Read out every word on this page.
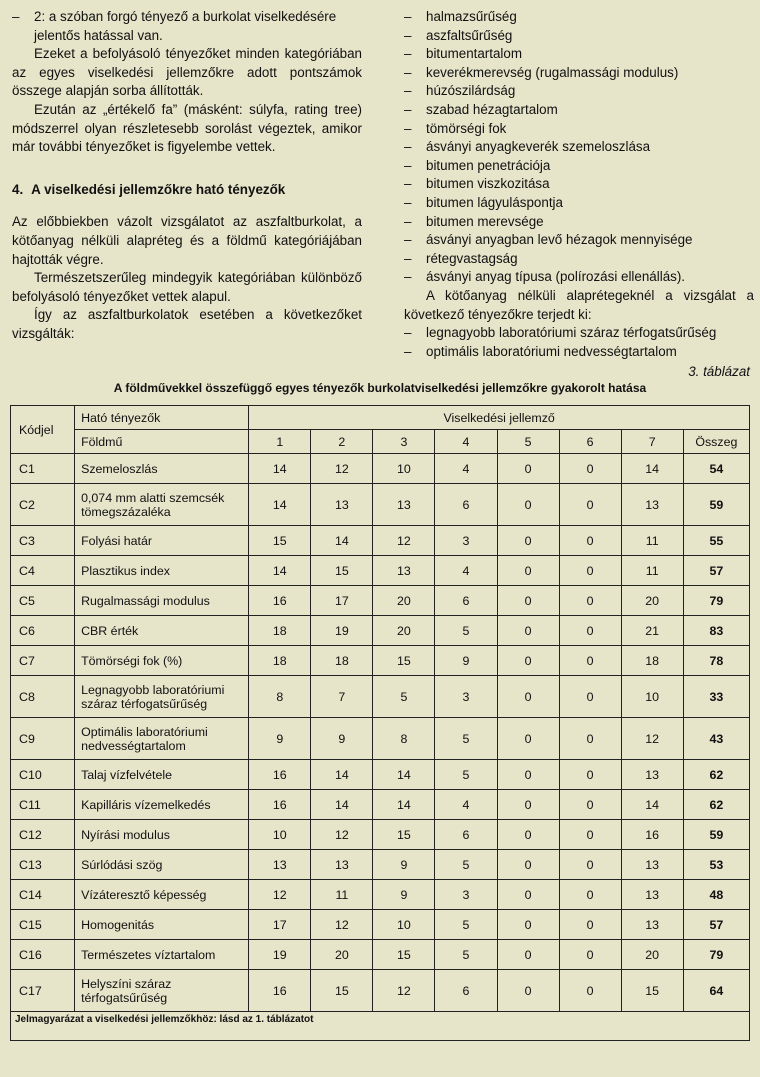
– 2: a szóban forgó tényező a burkolat viselkedésére jelentős hatással van.

Ezeket a befolyásoló tényezőket minden kategóriában az egyes viselkedési jellemzőkre adott pontszámok összege alapján sorba állították.

Ezután az „értékelő fa” (másként: súlyfa, rating tree) módszerrel olyan részletesebb sorolást végeztek, amikor már további tényezőket is figyelembe vettek.

4. A viselkedési jellemzőkre ható tényezők

Az előbbiekben vázolt vizsgálatot az aszfaltburkolat, a kötőanyag nélküli alapréteg és a földmű kategóriájában hajtották végre.

Természetszerűleg mindegyik kategóriában különböző befolyásoló tényezőket vettek alapul.

Így az aszfaltburkolatok esetében a következőket vizsgálták:

– halmazsűrűség

– aszfaltsűrűség

– bitumentartalom

– keverékmerevség (rugalmassági modulus)

– húzószilárdság

– szabad hézagtartalom

– tömörségi fok

– ásványi anyagkeverék szemeloszlása

– bitumen penetrációja

– bitumen viszkozitása

– bitumen lágyuláspontja

– bitumen merevsége

– ásványi anyagban levő hézagok mennyisége

– rétegvastagság

– ásványi anyag típusa (polírozási ellenállás).

A kötőanyag nélküli alaprétegeknél a vizsgálat a következő tényezőkre terjedt ki:

– legnagyobb laboratóriumi száraz térfogatsűrűség

– optimális laboratóriumi nedvességtartalom

3. táblázat
A földművekkel összefüggő egyes tényezők burkolatviselkedési jellemzőkre gyakorolt hatása
Kódjel	Ható tényezők	Viselkedési jellemző							
	Földmű	1	2	3	4	5	6	7	Összeg
C1	Szemeloszlás	14	12	10	4	0	0	14	54
C2	0,074 mm alatti szemcsék tömegszázaléka	14	13	13	6	0	0	13	59
C3	Folyási határ	15	14	12	3	0	0	11	55
C4	Plasztikus index	14	15	13	4	0	0	11	57
C5	Rugalmassági modulus	16	17	20	6	0	0	20	79
C6	CBR érték	18	19	20	5	0	0	21	83
C7	Tömörségi fok (%)	18	18	15	9	0	0	18	78
C8	Legnagyobb laboratóriumi száraz térfogatsűrűség	8	7	5	3	0	0	10	33
C9	Optimális laboratóriumi nedvességtartalom	9	9	8	5	0	0	12	43
C10	Talaj vízfelvétele	16	14	14	5	0	0	13	62
C11	Kapilláris vízemelkedés	16	14	14	4	0	0	14	62
C12	Nyírási modulus	10	12	15	6	0	0	16	59
C13	Súrlódási szög	13	13	9	5	0	0	13	53
C14	Vízáteresztő képesség	12	11	9	3	0	0	13	48
C15	Homogenitás	17	12	10	5	0	0	13	57
C16	Természetes víztartalom	19	20	15	5	0	0	20	79
C17	Helyszíni száraz térfogatsűrűség	16	15	12	6	0	0	15	64
Jelmagyarázat a viselkedési jellemzőkhöz: lásd az 1. táblázatot									
